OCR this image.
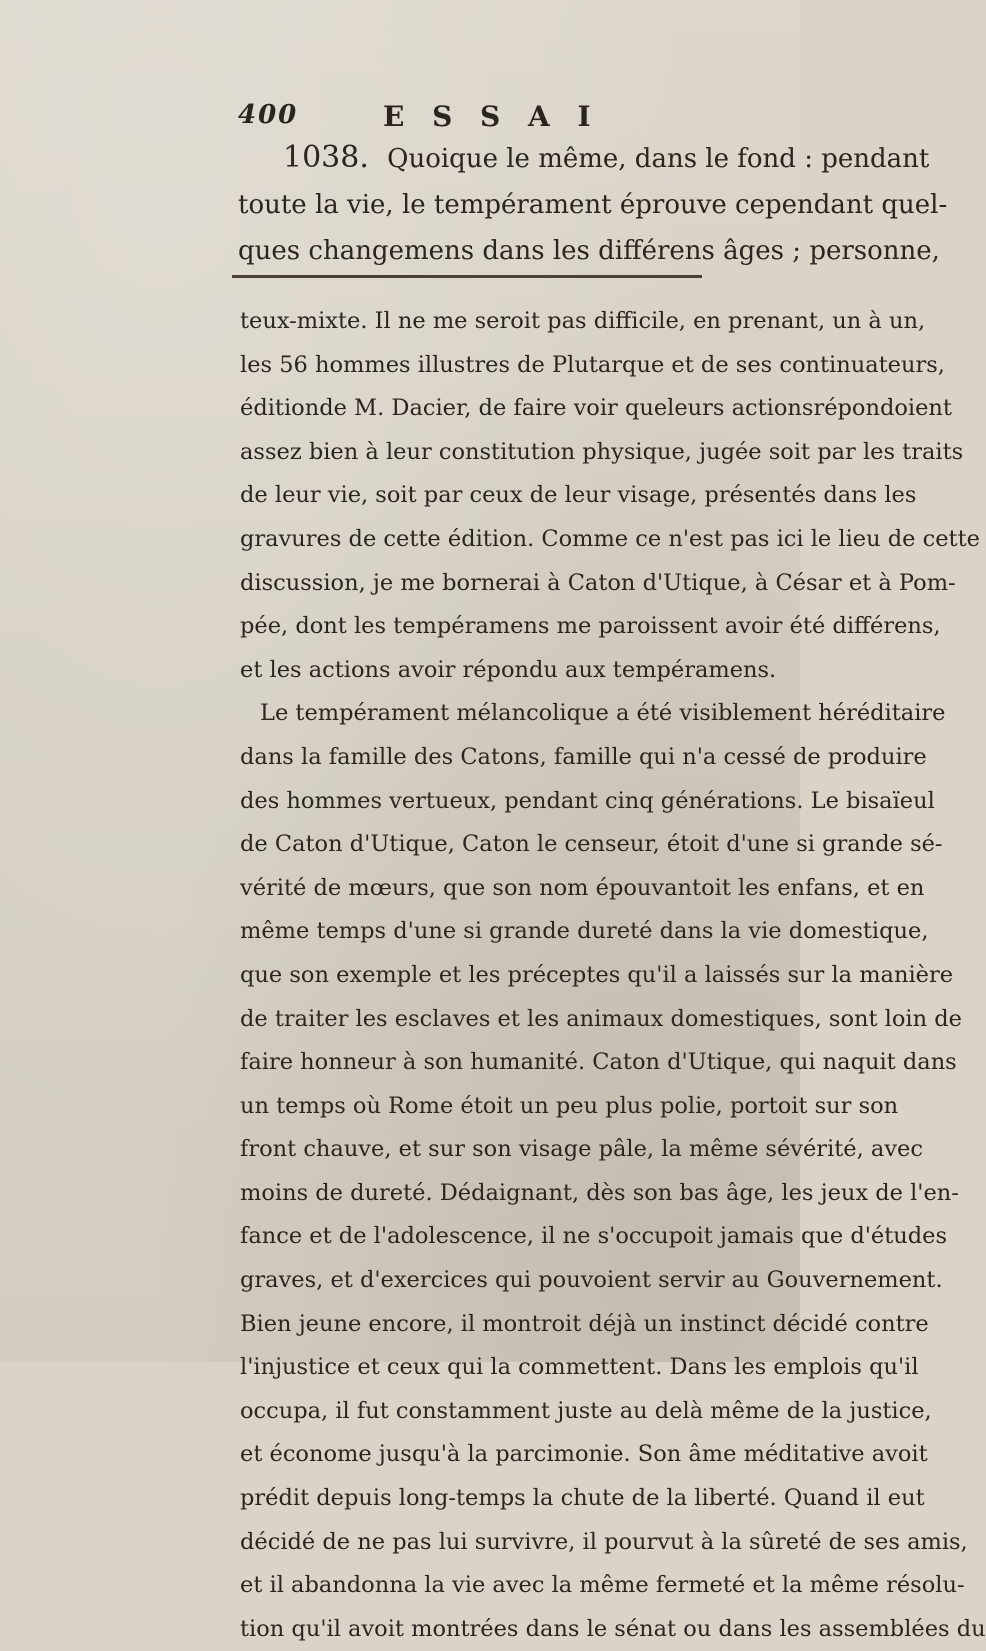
400	E S S A I
1038. Quoique le même, dans le fond : pendant
toute la vie, le tempérament éprouve cependant quel-
ques changemens dans les différens âges ; personne,
teux-mixte. Il ne me seroit pas difficile, en prenant, un à un,
les 56 hommes illustres de Plutarque et de ses continuateurs,
éditionde M. Dacier, de faire voir queleurs actionsrépondoient
assez bien à leur constitution physique, jugée soit par les traits
de leur vie, soit par ceux de leur visage, présentés dans les
gravures de cette édition. Comme ce n'est pas ici le lieu de cette
discussion, je me bornerai à Caton d'Utique, à César et à Pom-
pée, dont les tempéramens me paroissent avoir été différens,
et les actions avoir répondu aux tempéramens.
Le tempérament mélancolique a été visiblement héréditaire
dans la famille des Catons, famille qui n'a cessé de produire
des hommes vertueux, pendant cinq générations. Le bisaïeul
de Caton d'Utique, Caton le censeur, étoit d'une si grande sé-
vérité de mœurs, que son nom épouvantoit les enfans, et en
même temps d'une si grande dureté dans la vie domestique,
que son exemple et les préceptes qu'il a laissés sur la manière
de traiter les esclaves et les animaux domestiques, sont loin de
faire honneur à son humanité. Caton d'Utique, qui naquit dans
un temps où Rome étoit un peu plus polie, portoit sur son
front chauve, et sur son visage pâle, la même sévérité, avec
moins de dureté. Dédaignant, dès son bas âge, les jeux de l'en-
fance et de l'adolescence, il ne s'occupoit jamais que d'études
graves, et d'exercices qui pouvoient servir au Gouvernement.
Bien jeune encore, il montroit déjà un instinct décidé contre
l'injustice et ceux qui la commettent. Dans les emplois qu'il
occupa, il fut constamment juste au delà même de la justice,
et économe jusqu'à la parcimonie. Son âme méditative avoit
prédit depuis long-temps la chute de la liberté. Quand il eut
décidé de ne pas lui survivre, il pourvut à la sûreté de ses amis,
et il abandonna la vie avec la même fermeté et la même résolu-
tion qu'il avoit montrées dans le sénat ou dans les assemblées du
